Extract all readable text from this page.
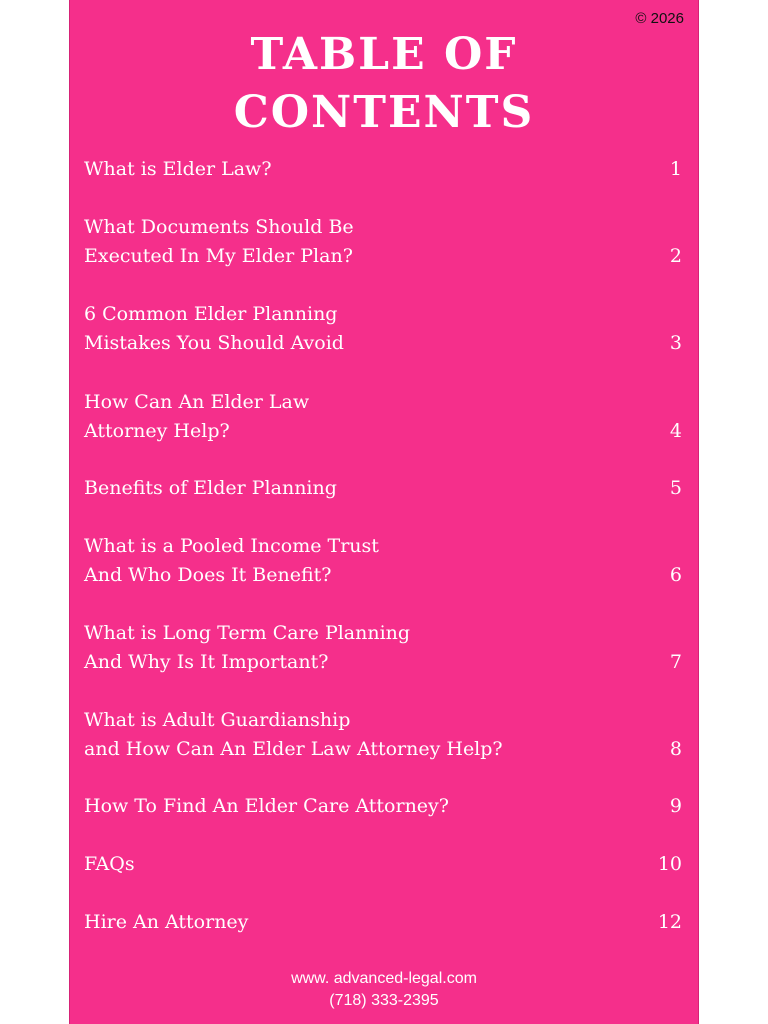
© 2026
TABLE OF
CONTENTS
What is Elder Law?	1
What Documents Should Be
Executed In My Elder Plan?	2
6 Common Elder Planning
Mistakes You Should Avoid	3
How Can An Elder Law
Attorney Help?	4
Benefits of Elder Planning	5
What is a Pooled Income Trust
And Who Does It Benefit?	6
What is Long Term Care Planning
And Why Is It Important?	7
What is Adult Guardianship
and How Can An Elder Law Attorney Help?	8
How To Find An Elder Care Attorney?	9
FAQs	10
Hire An Attorney	12
www. advanced-legal.com
(718) 333-2395
